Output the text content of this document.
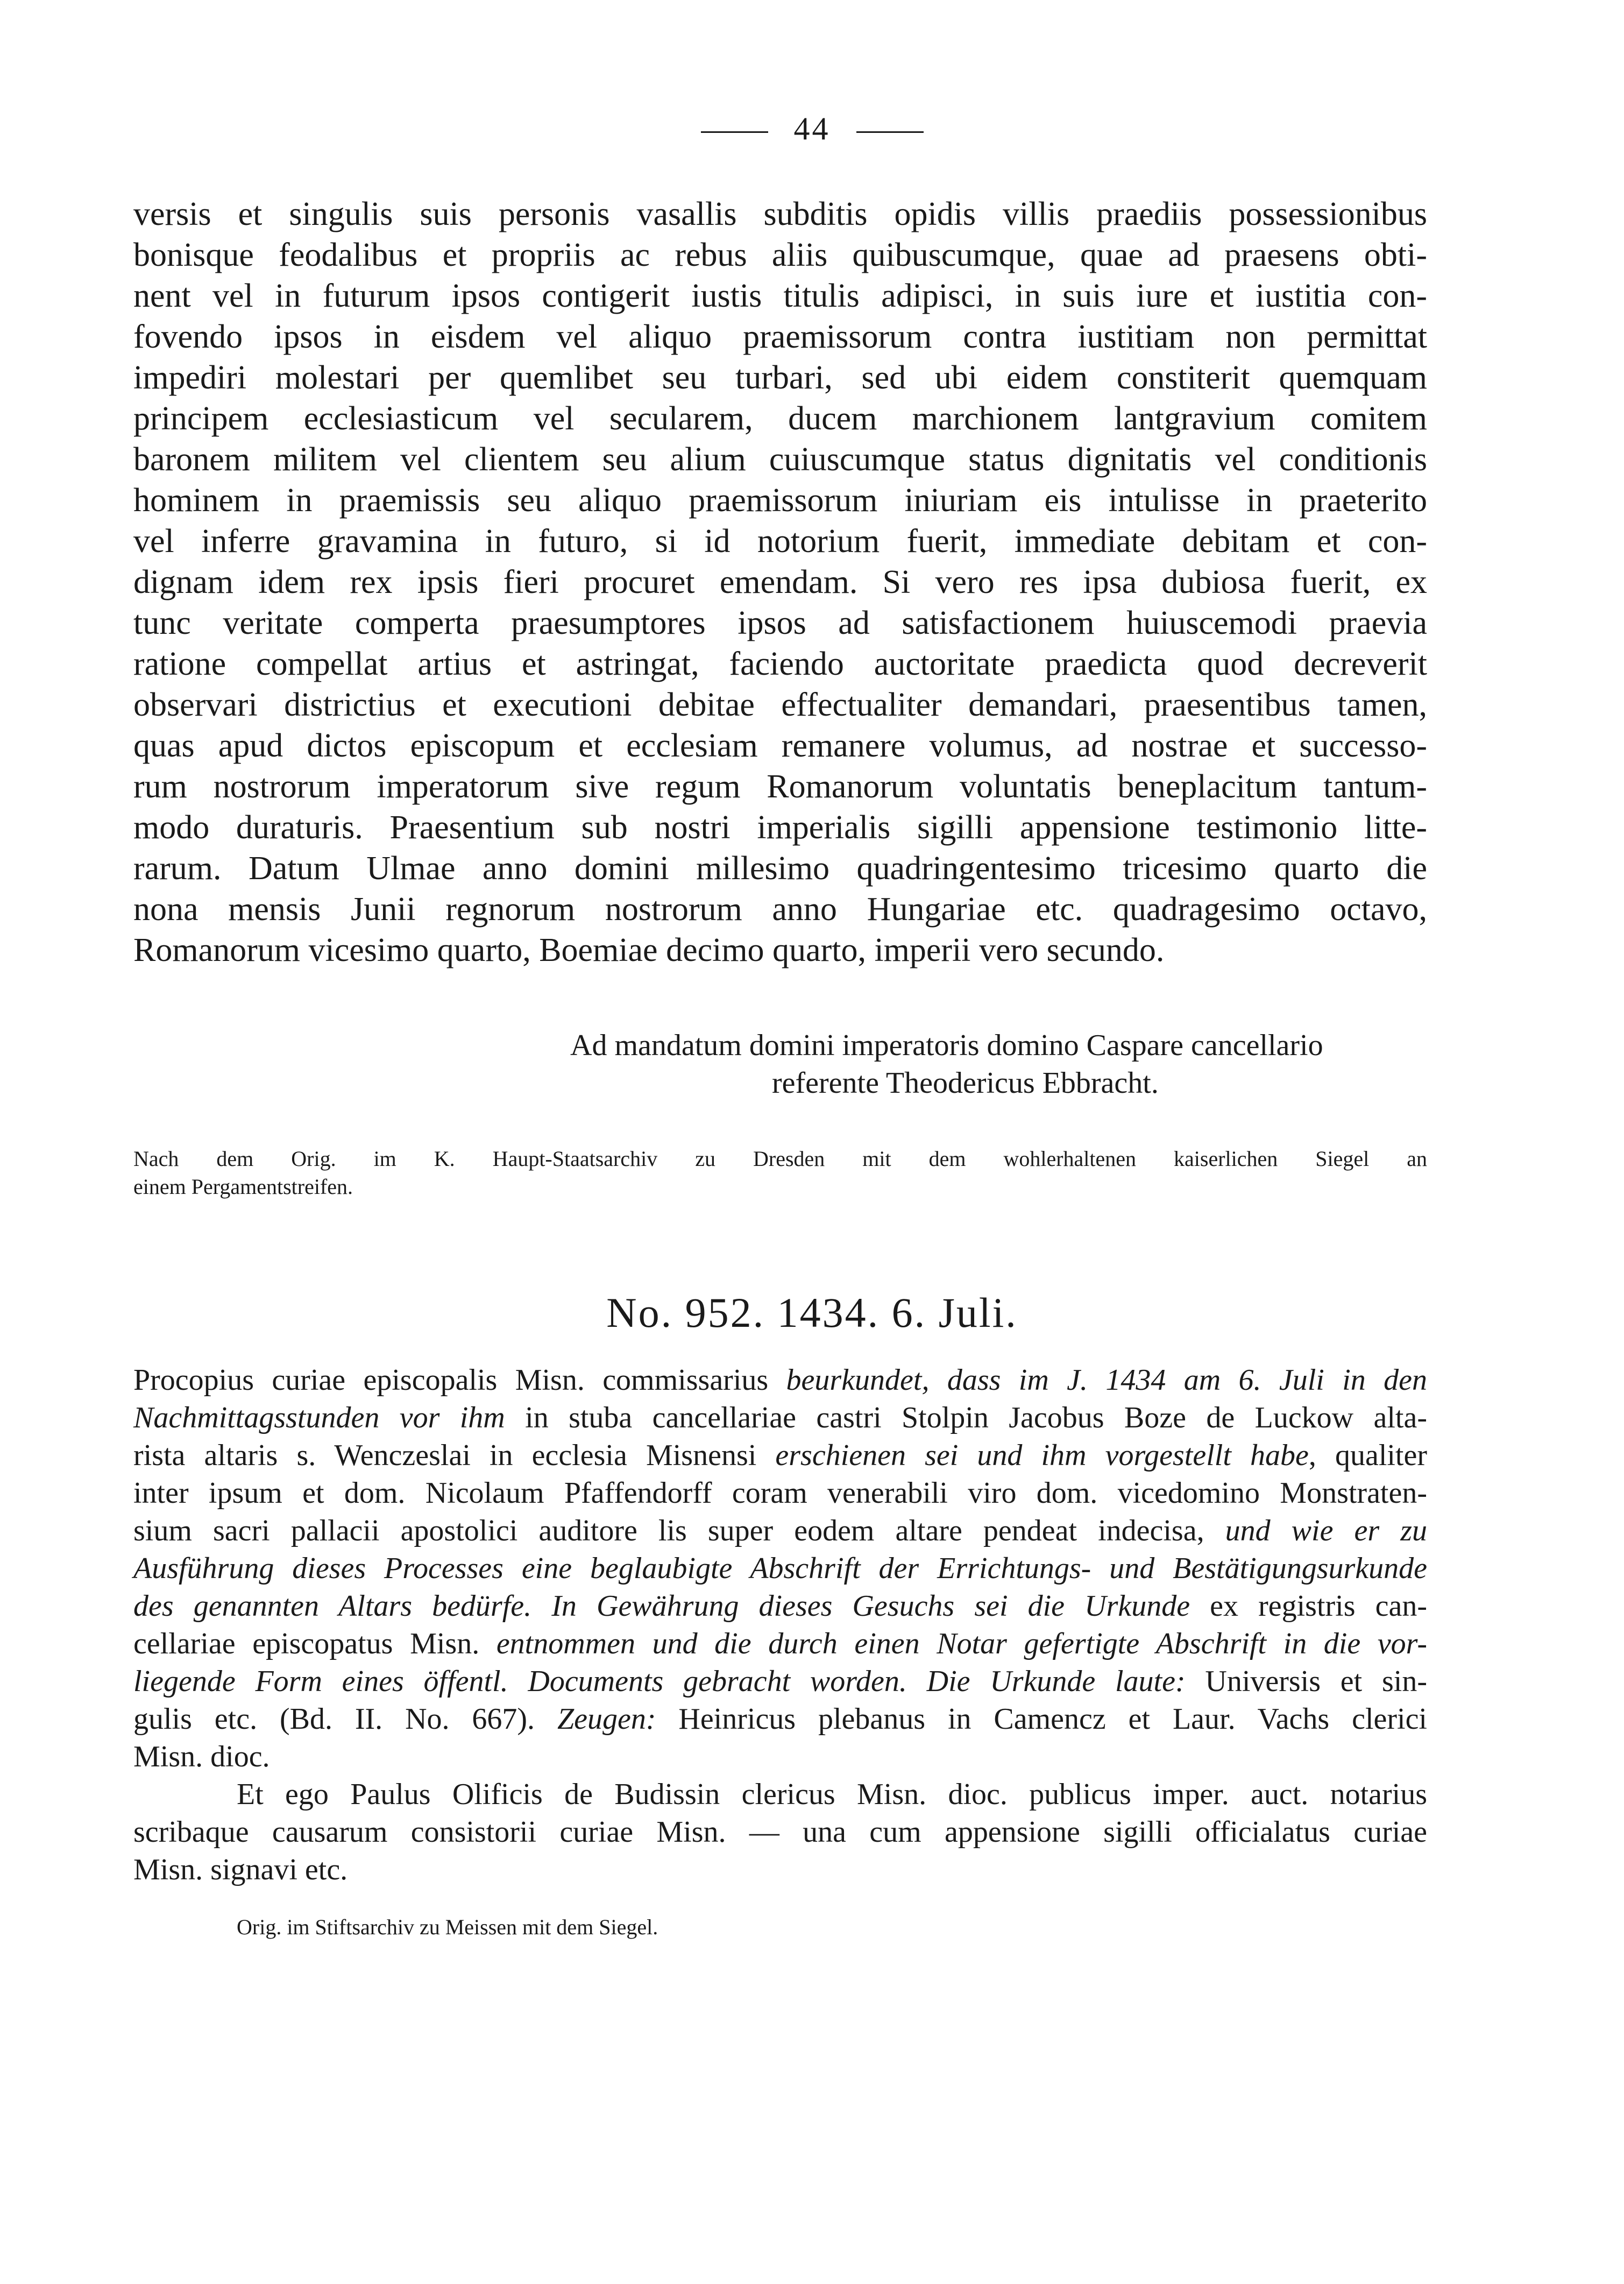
44

versis et singulis suis personis vasallis subditis opidis villis praediis possessionibus

bonisque feodalibus et propriis ac rebus aliis quibuscumque, quae ad praesens obti-

nent vel in futurum ipsos contigerit iustis titulis adipisci, in suis iure et iustitia con-

fovendo ipsos in eisdem vel aliquo praemissorum contra iustitiam non permittat

impediri molestari per quemlibet seu turbari, sed ubi eidem constiterit quemquam

principem ecclesiasticum vel secularem, ducem marchionem lantgravium comitem

baronem militem vel clientem seu alium cuiuscumque status dignitatis vel conditionis

hominem in praemissis seu aliquo praemissorum iniuriam eis intulisse in praeterito

vel inferre gravamina in futuro, si id notorium fuerit, immediate debitam et con-

dignam idem rex ipsis fieri procuret emendam. Si vero res ipsa dubiosa fuerit, ex

tunc veritate comperta praesumptores ipsos ad satisfactionem huiuscemodi praevia

ratione compellat artius et astringat, faciendo auctoritate praedicta quod decreverit

observari districtius et executioni debitae effectualiter demandari, praesentibus tamen,

quas apud dictos episcopum et ecclesiam remanere volumus, ad nostrae et successo-

rum nostrorum imperatorum sive regum Romanorum voluntatis beneplacitum tantum-

modo duraturis. Praesentium sub nostri imperialis sigilli appensione testimonio litte-

rarum. Datum Ulmae anno domini millesimo quadringentesimo tricesimo quarto die

nona mensis Junii regnorum nostrorum anno Hungariae etc. quadragesimo octavo,

Romanorum vicesimo quarto, Boemiae decimo quarto, imperii vero secundo.

Ad mandatum domini imperatoris domino Caspare cancellario

referente Theodericus Ebbracht.

Nach dem Orig. im K. Haupt-Staatsarchiv zu Dresden mit dem wohlerhaltenen kaiserlichen Siegel an

einem Pergamentstreifen.

No. 952. 1434. 6. Juli.

Procopius curiae episcopalis Misn. commissarius beurkundet, dass im J. 1434 am 6. Juli in den

Nachmittagsstunden vor ihm in stuba cancellariae castri Stolpin Jacobus Boze de Luckow alta-

rista altaris s. Wenczeslai in ecclesia Misnensi erschienen sei und ihm vorgestellt habe, qualiter

inter ipsum et dom. Nicolaum Pfaffendorff coram venerabili viro dom. vicedomino Monstraten-

sium sacri pallacii apostolici auditore lis super eodem altare pendeat indecisa, und wie er zu

Ausführung dieses Processes eine beglaubigte Abschrift der Errichtungs- und Bestätigungsurkunde

des genannten Altars bedürfe. In Gewährung dieses Gesuchs sei die Urkunde ex registris can-

cellariae episcopatus Misn. entnommen und die durch einen Notar gefertigte Abschrift in die vor-

liegende Form eines öffentl. Documents gebracht worden. Die Urkunde laute: Universis et sin-

gulis etc. (Bd. II. No. 667). Zeugen: Heinricus plebanus in Camencz et Laur. Vachs clerici

Misn. dioc.

Et ego Paulus Olificis de Budissin clericus Misn. dioc. publicus imper. auct. notarius

scribaque causarum consistorii curiae Misn. — una cum appensione sigilli officialatus curiae

Misn. signavi etc.

Orig. im Stiftsarchiv zu Meissen mit dem Siegel.
